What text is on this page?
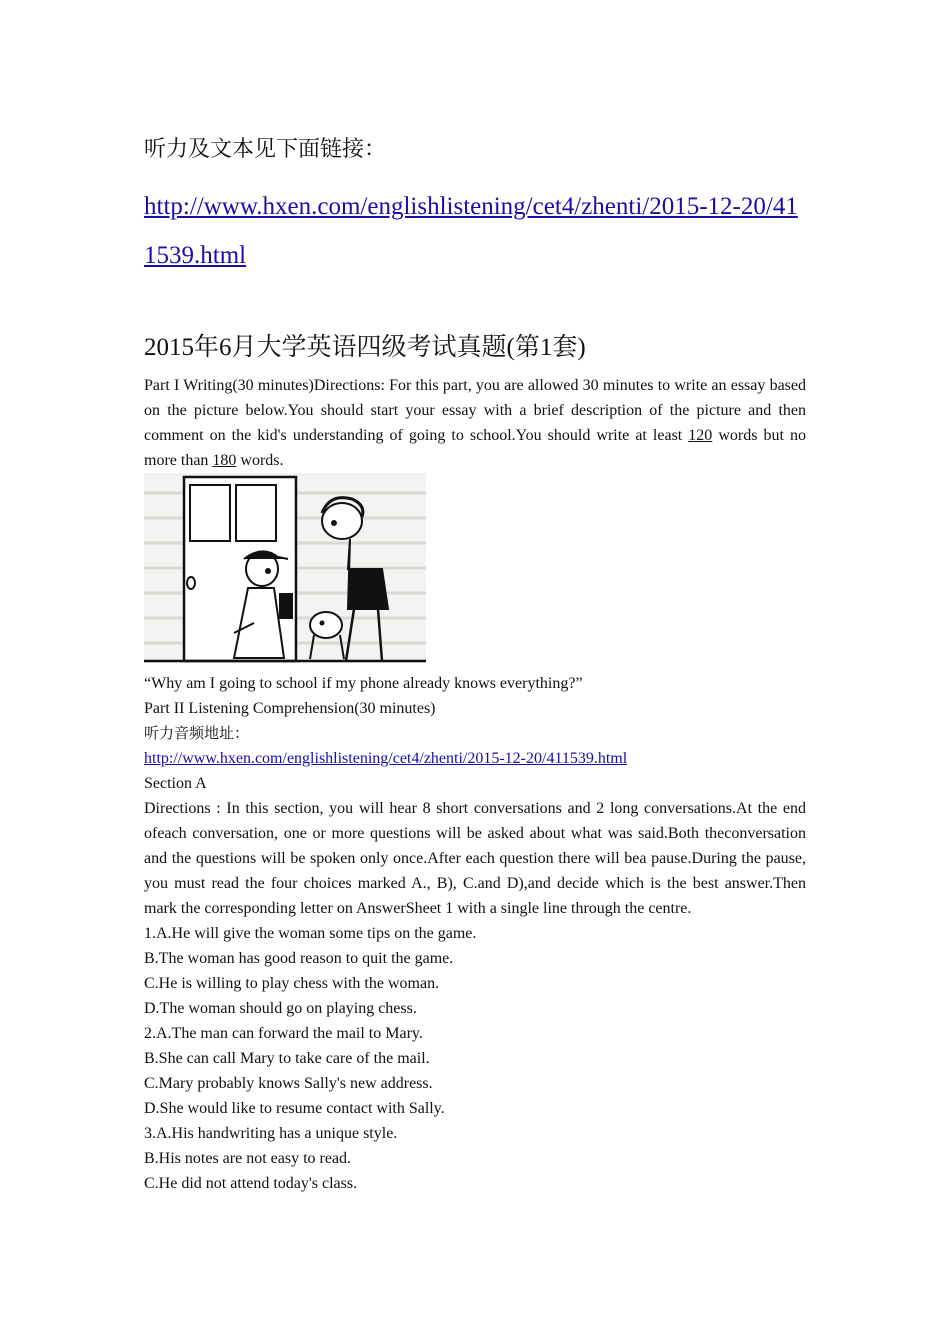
听力及文本见下面链接：
http://www.hxen.com/englishlistening/cet4/zhenti/2015-12-20/411539.html
2015年6月大学英语四级考试真题(第1套)

Part I Writing(30 minutes)Directions: For this part, you are allowed 30 minutes to write an essay based on the picture below.You should start your essay with a brief description of the picture and then comment on the kid's understanding of going to school.You should write at least 120 words but no more than 180 words.

“Why am I going to school if my phone already knows everything?”

Part II Listening Comprehension(30 minutes)

听力音频地址：

http://www.hxen.com/englishlistening/cet4/zhenti/2015-12-20/411539.html

Section A

Directions : In this section, you will hear 8 short conversations and 2 long conversations.At the end ofeach conversation, one or more questions will be asked about what was said.Both theconversation and the questions will be spoken only once.After each question there will bea pause.During the pause, you must read the four choices marked A., B), C.and D),and decide which is the best answer.Then mark the corresponding letter on AnswerSheet 1 with a single line through the centre.

1.A.He will give the woman some tips on the game.

B.The woman has good reason to quit the game.

C.He is willing to play chess with the woman.

D.The woman should go on playing chess.

2.A.The man can forward the mail to Mary.

B.She can call Mary to take care of the mail.

C.Mary probably knows Sally's new address.

D.She would like to resume contact with Sally.

3.A.His handwriting has a unique style.

B.His notes are not easy to read.

C.He did not attend today's class.
